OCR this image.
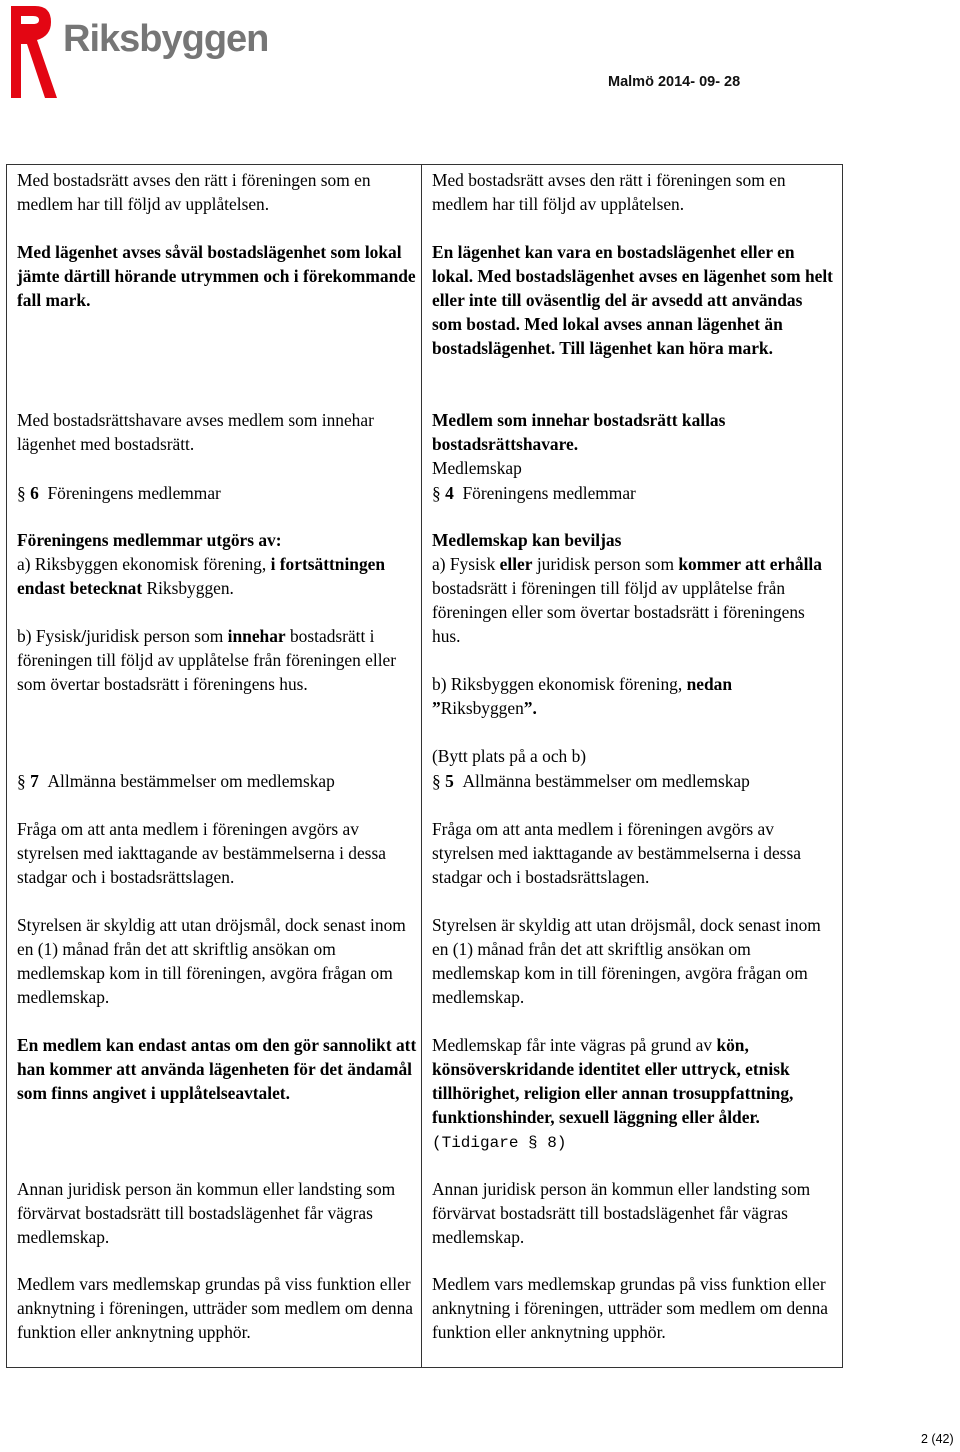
Riksbyggen
Malmö 2014- 09- 28

Med bostadsrätt avses den rätt i föreningen som en medlem har till följd av upplåtelsen.

Med lägenhet avses såväl bostadslägenhet som lokal jämte därtill hörande utrymmen och i förekommande fall mark.

Med bostadsrättshavare avses medlem som innehar lägenhet med bostadsrätt.

§ 6 Föreningens medlemmar

Föreningens medlemmar utgörs av:
a) Riksbyggen ekonomisk förening, i fortsättningen endast betecknat Riksbyggen.

b) Fysisk/juridisk person som innehar bostadsrätt i föreningen till följd av upplåtelse från föreningen eller som övertar bostadsrätt i föreningens hus.

§ 7 Allmänna bestämmelser om medlemskap

Fråga om att anta medlem i föreningen avgörs av styrelsen med iakttagande av bestämmelserna i dessa stadgar och i bostadsrättslagen.

Styrelsen är skyldig att utan dröjsmål, dock senast inom en (1) månad från det att skriftlig ansökan om medlemskap kom in till föreningen, avgöra frågan om medlemskap.

En medlem kan endast antas om den gör sannolikt att han kommer att använda lägenheten för det ändamål som finns angivet i upplåtelseavtalet.

Annan juridisk person än kommun eller landsting som förvärvat bostadsrätt till bostadslägenhet får vägras medlemskap.

Medlem vars medlemskap grundas på viss funktion eller anknytning i föreningen, utträder som medlem om denna funktion eller anknytning upphör.

Med bostadsrätt avses den rätt i föreningen som en medlem har till följd av upplåtelsen.

En lägenhet kan vara en bostadslägenhet eller en lokal. Med bostadslägenhet avses en lägenhet som helt eller inte till oväsentlig del är avsedd att användas som bostad. Med lokal avses annan lägenhet än bostadslägenhet. Till lägenhet kan höra mark.

Medlem som innehar bostadsrätt kallas bostadsrättshavare.

Medlemskap

§ 4 Föreningens medlemmar

Medlemskap kan beviljas

a) Fysisk eller juridisk person som kommer att erhålla bostadsrätt i föreningen till följd av upplåtelse från föreningen eller som övertar bostadsrätt i föreningens hus.

b) Riksbyggen ekonomisk förening, nedan ”Riksbyggen”.

(Bytt plats på a och b)

§ 5 Allmänna bestämmelser om medlemskap

Fråga om att anta medlem i föreningen avgörs av styrelsen med iakttagande av bestämmelserna i dessa stadgar och i bostadsrättslagen.

Styrelsen är skyldig att utan dröjsmål, dock senast inom en (1) månad från det att skriftlig ansökan om medlemskap kom in till föreningen, avgöra frågan om medlemskap.

Medlemskap får inte vägras på grund av kön, könsöverskridande identitet eller uttryck, etnisk tillhörighet, religion eller annan trosuppfattning, funktionshinder, sexuell läggning eller ålder. (Tidigare § 8)

Annan juridisk person än kommun eller landsting som förvärvat bostadsrätt till bostadslägenhet får vägras medlemskap.

Medlem vars medlemskap grundas på viss funktion eller anknytning i föreningen, utträder som medlem om denna funktion eller anknytning upphör.

2 (42)
